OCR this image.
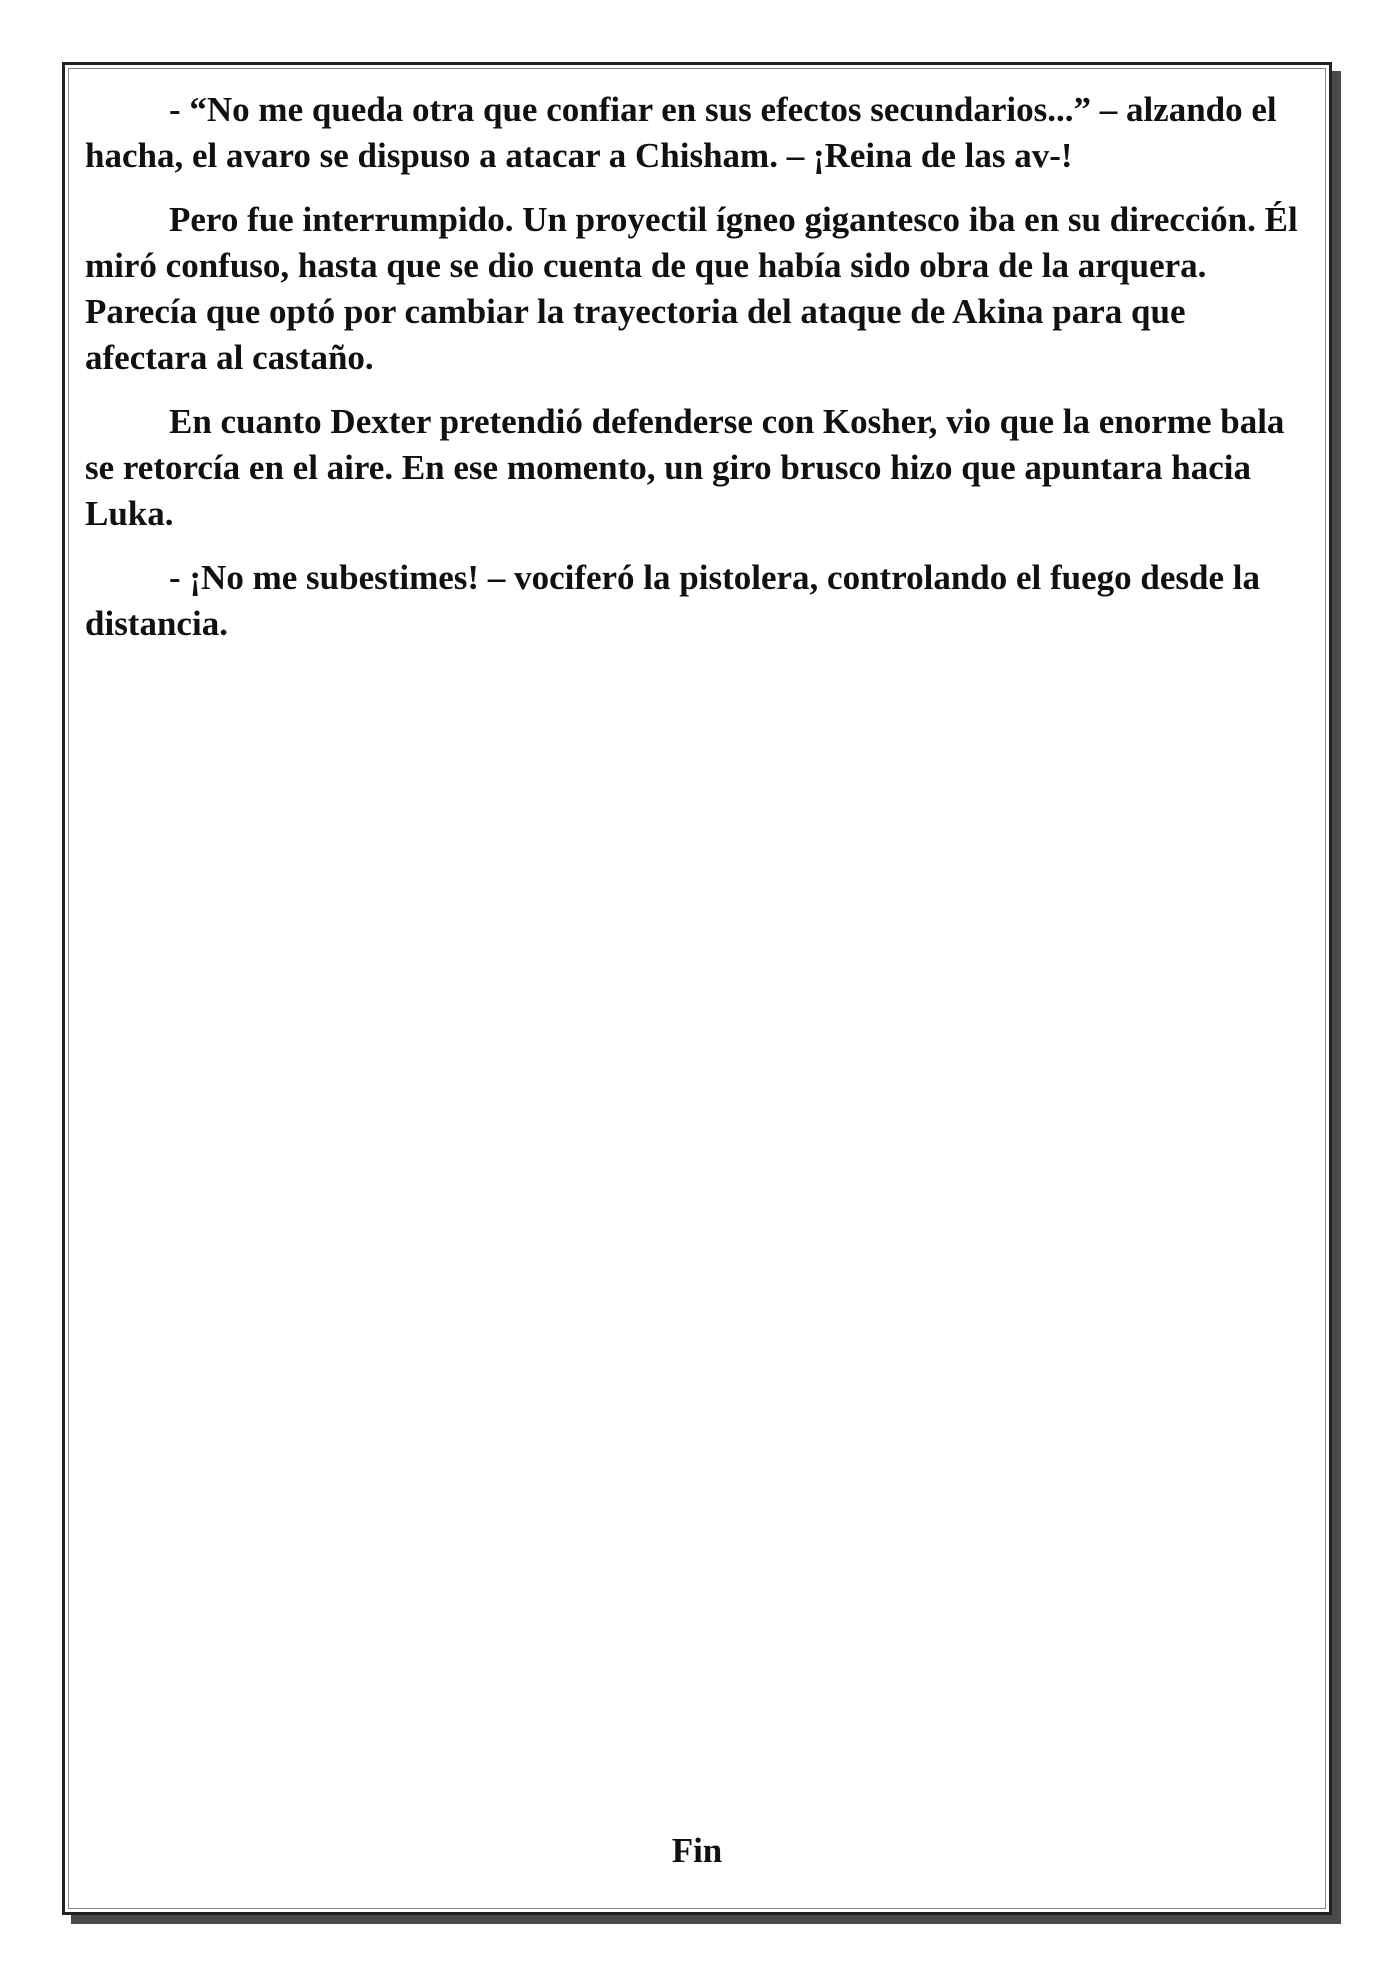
- “No me queda otra que confiar en sus efectos secundarios...” – alzando el hacha, el avaro se dispuso a atacar a Chisham. – ¡Reina de las av-!

Pero fue interrumpido. Un proyectil ígneo gigantesco iba en su dirección. Él miró confuso, hasta que se dio cuenta de que había sido obra de la arquera. Parecía que optó por cambiar la trayectoria del ataque de Akina para que afectara al castaño.

En cuanto Dexter pretendió defenderse con Kosher, vio que la enorme bala se retorcía en el aire. En ese momento, un giro brusco hizo que apuntara hacia Luka.

- ¡No me subestimes! – vociferó la pistolera, controlando el fuego desde la distancia.

Fin
